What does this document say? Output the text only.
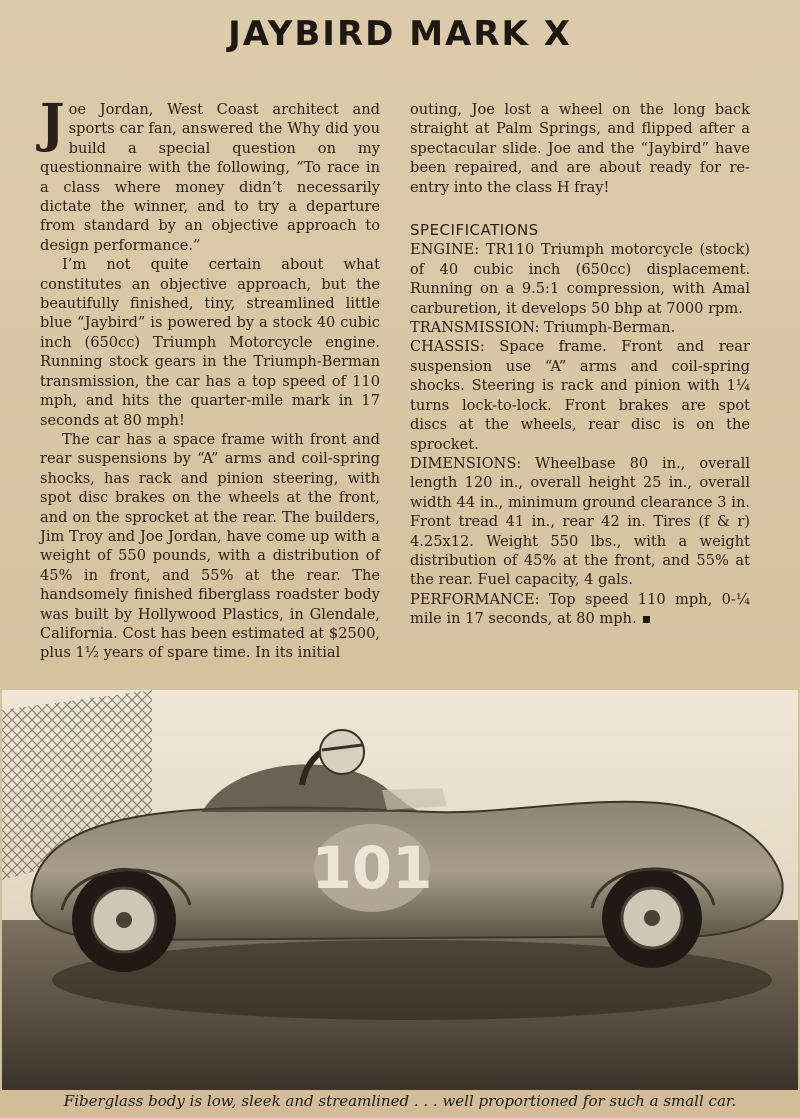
JAYBIRD MARK X

Joe Jordan, West Coast architect and sports car fan, answered the Why did you build a special question on my questionnaire with the following, “To race in a class where money didn’t necessarily dictate the winner, and to try a departure from standard by an objective approach to design performance.”

I’m not quite certain about what constitutes an objective approach, but the beautifully finished, tiny, streamlined little blue “Jaybird” is powered by a stock 40 cubic inch (650cc) Triumph Motorcycle engine. Running stock gears in the Triumph-Berman transmission, the car has a top speed of 110 mph, and hits the quarter-mile mark in 17 seconds at 80 mph!

The car has a space frame with front and rear suspensions by “A” arms and coil-spring shocks, has rack and pinion steering, with spot disc brakes on the wheels at the front, and on the sprocket at the rear. The builders, Jim Troy and Joe Jordan, have come up with a weight of 550 pounds, with a distribution of 45% in front, and 55% at the rear. The handsomely finished fiberglass roadster body was built by Hollywood Plastics, in Glendale, California. Cost has been estimated at $2500, plus 1½ years of spare time. In its initial

outing, Joe lost a wheel on the long back straight at Palm Springs, and flipped after a spectacular slide. Joe and the “Jaybird” have been repaired, and are about ready for re-entry into the class H fray!

SPECIFICATIONS

ENGINE: TR110 Triumph motorcycle (stock) of 40 cubic inch (650cc) displacement. Running on a 9.5:1 compression, with Amal carburetion, it develops 50 bhp at 7000 rpm.

TRANSMISSION: Triumph-Berman.

CHASSIS: Space frame. Front and rear suspension use “A” arms and coil-spring shocks. Steering is rack and pinion with 1¼ turns lock-to-lock. Front brakes are spot discs at the wheels, rear disc is on the sprocket.

DIMENSIONS: Wheelbase 80 in., overall length 120 in., overall height 25 in., overall width 44 in., minimum ground clearance 3 in. Front tread 41 in., rear 42 in. Tires (f & r) 4.25x12. Weight 550 lbs., with a weight distribution of 45% at the front, and 55% at the rear. Fuel capacity, 4 gals.

PERFORMANCE: Top speed 110 mph, 0-¼ mile in 17 seconds, at 80 mph.

101
Fiberglass body is low, sleek and streamlined . . . well proportioned for such a small car.
